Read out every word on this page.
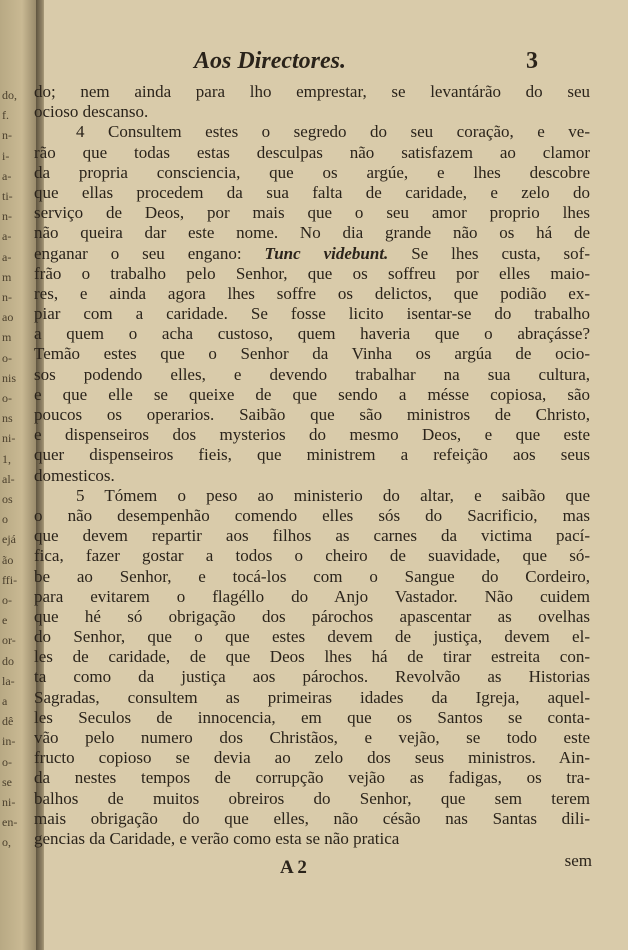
do,
f.
n-
i-
a-
ti-
n-
a-
a-
m
n-
ao
m
o-
nis
o-
ns
ni-
1,
al-
os
o
ejá
ão
ffi-
o-
e
or-
do
la-
a
dê
in-
o-
se
ni-
en-
o,
Aos Directores.	3
do; nem ainda para lho emprestar, se levantárão do seu
ocioso descanso.
4 Consultem estes o segredo do seu coração, e ve-
rão que todas estas desculpas não satisfazem ao clamor
da propria consciencia, que os argúe, e lhes descobre
que ellas procedem da sua falta de caridade, e zelo do
serviço de Deos, por mais que o seu amor proprio lhes
não queira dar este nome. No dia grande não os há de
enganar o seu engano: Tunc videbunt. Se lhes custa, sof-
frão o trabalho pelo Senhor, que os soffreu por elles maio-
res, e ainda agora lhes soffre os delictos, que podião ex-
piar com a caridade. Se fosse licito isentar-se do trabalho
a quem o acha custoso, quem haveria que o abraçásse?
Temão estes que o Senhor da Vinha os argúa de ocio-
sos podendo elles, e devendo trabalhar na sua cultura,
e que elle se queixe de que sendo a mésse copiosa, são
poucos os operarios. Saibão que são ministros de Christo,
e dispenseiros dos mysterios do mesmo Deos, e que este
quer dispenseiros fieis, que ministrem a refeição aos seus
domesticos.
5 Tómem o peso ao ministerio do altar, e saibão que
o não desempenhão comendo elles sós do Sacrificio, mas
que devem repartir aos filhos as carnes da victima pací-
fica, fazer gostar a todos o cheiro de suavidade, que só-
be ao Senhor, e tocá-los com o Sangue do Cordeiro,
para evitarem o flagéllo do Anjo Vastador. Não cuidem
que hé só obrigação dos párochos apascentar as ovelhas
do Senhor, que o que estes devem de justiça, devem el-
les de caridade, de que Deos lhes há de tirar estreita con-
ta como da justiça aos párochos. Revolvão as Historias
Sagradas, consultem as primeiras idades da Igreja, aquel-
les Seculos de innocencia, em que os Santos se conta-
vão pelo numero dos Christãos, e vejão, se todo este
fructo copioso se devia ao zelo dos seus ministros. Ain-
da nestes tempos de corrupção vejão as fadigas, os tra-
balhos de muitos obreiros do Senhor, que sem terem
mais obrigação do que elles, não césão nas Santas dili-
gencias da Caridade, e verão como esta se não pratica
A 2	sem
